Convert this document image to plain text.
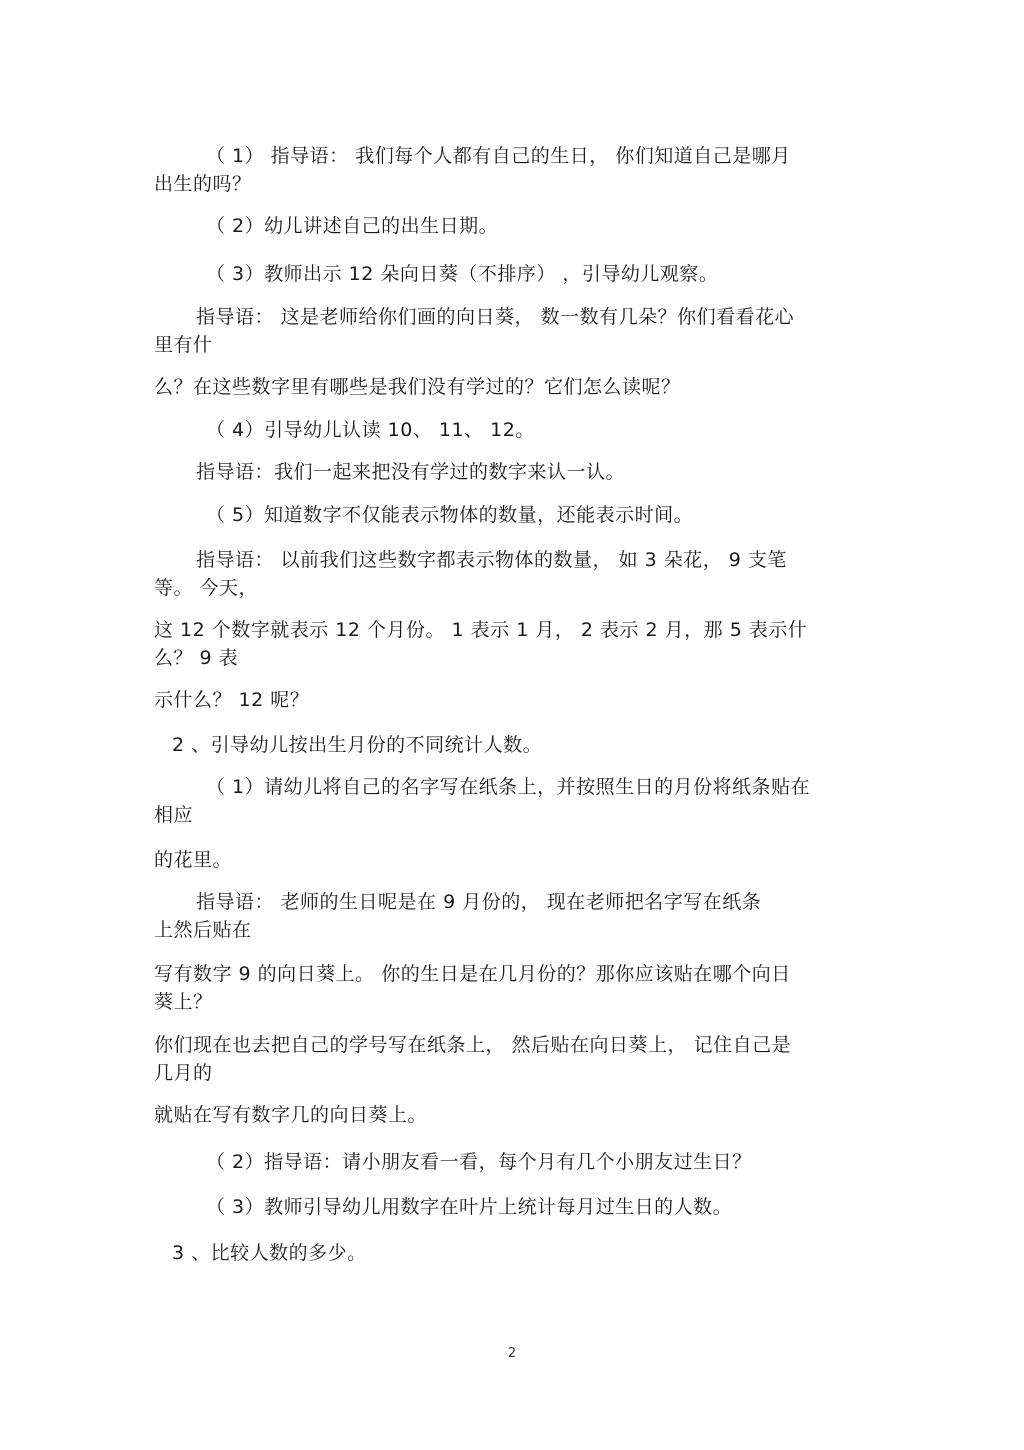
（ 1） 指导语： 我们每个人都有自己的生日， 你们知道自己是哪月
出生的吗？
（ 2）幼儿讲述自己的出生日期。
（ 3）教师出示 12 朵向日葵（不排序） ，引导幼儿观察。
指导语： 这是老师给你们画的向日葵， 数一数有几朵？你们看看花心
里有什
么？在这些数字里有哪些是我们没有学过的？它们怎么读呢？
（ 4）引导幼儿认读 10、 11、 12。
指导语：我们一起来把没有学过的数字来认一认。
（ 5）知道数字不仅能表示物体的数量，还能表示时间。
指导语： 以前我们这些数字都表示物体的数量， 如 3 朵花， 9 支笔
等。 今天，
这 12 个数字就表示 12 个月份。 1 表示 1 月， 2 表示 2 月，那 5 表示什
么？ 9 表
示什么？ 12 呢？
2 、引导幼儿按出生月份的不同统计人数。
（ 1）请幼儿将自己的名字写在纸条上，并按照生日的月份将纸条贴在
相应
的花里。
指导语： 老师的生日呢是在 9 月份的， 现在老师把名字写在纸条
上然后贴在
写有数字 9 的向日葵上。 你的生日是在几月份的？那你应该贴在哪个向日
葵上？
你们现在也去把自己的学号写在纸条上， 然后贴在向日葵上， 记住自己是
几月的
就贴在写有数字几的向日葵上。
（ 2）指导语：请小朋友看一看，每个月有几个小朋友过生日？
（ 3）教师引导幼儿用数字在叶片上统计每月过生日的人数。
3 、比较人数的多少。
2
